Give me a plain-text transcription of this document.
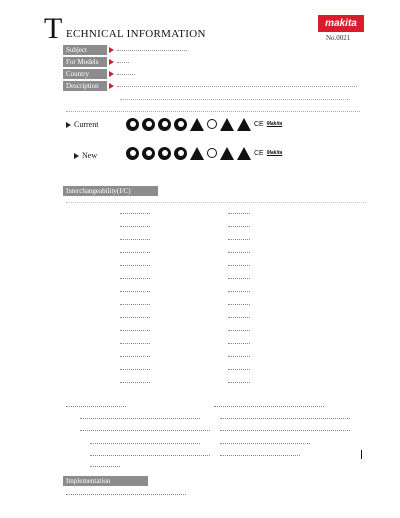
T ECHNICAL INFORMATION
makita
No.0021
Subject
For Models
Country
Description
Current	CE Makita
New	CE Makita
Interchangeability(I/C)
Implementation
